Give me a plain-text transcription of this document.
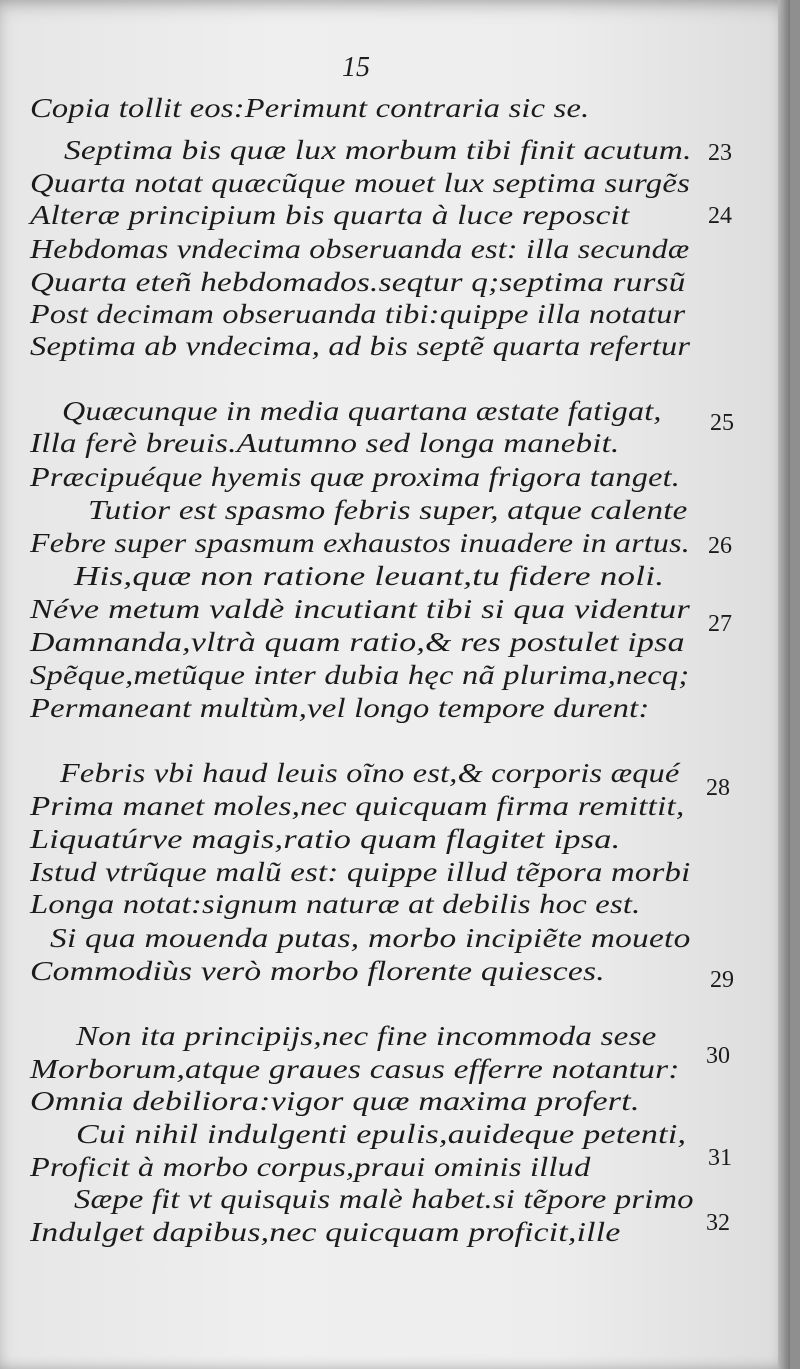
15
Copia tollit eos:Perimunt contraria sic se.
Septima bis quæ lux morbum tibi finit acutum.
Quarta notat quæcũque mouet lux septima surgẽs
Alteræ principium bis quarta à luce reposcit
Hebdomas vndecima obseruanda est: illa secundæ
Quarta eteñ hebdomados.seqtur q;septima rursũ
Post decimam obseruanda tibi:quippe illa notatur
Septima ab vndecima, ad bis septẽ quarta refertur
Quæcunque in media quartana æstate fatigat,
Illa ferè breuis.Autumno sed longa manebit.
Præcipuéque hyemis quæ proxima frigora tanget.
Tutior est spasmo febris super, atque calente
Febre super spasmum exhaustos inuadere in artus.
His,quæ non ratione leuant,tu fidere noli.
Néve metum valdè incutiant tibi si qua videntur
Damnanda,vltrà quam ratio,& res postulet ipsa
Spẽque,metũque inter dubia hęc nã plurima,necq;
Permaneant multùm,vel longo tempore durent:
Febris vbi haud leuis oĩno est,& corporis æqué
Prima manet moles,nec quicquam firma remittit,
Liquatúrve magis,ratio quam flagitet ipsa.
Istud vtrũque malũ est: quippe illud tẽpora morbi
Longa notat:signum naturæ at debilis hoc est.
Si qua mouenda putas, morbo incipiẽte moueto
Commodiùs verò morbo florente quiesces.
Non ita principijs,nec fine incommoda sese
Morborum,atque graues casus efferre notantur:
Omnia debiliora:vigor quæ maxima profert.
Cui nihil indulgenti epulis,auideque petenti,
Proficit à morbo corpus,praui ominis illud
Sæpe fit vt quisquis malè habet.si tẽpore primo
Indulget dapibus,nec quicquam proficit,ille
23
24
25
26
27
28
29
30
31
32
